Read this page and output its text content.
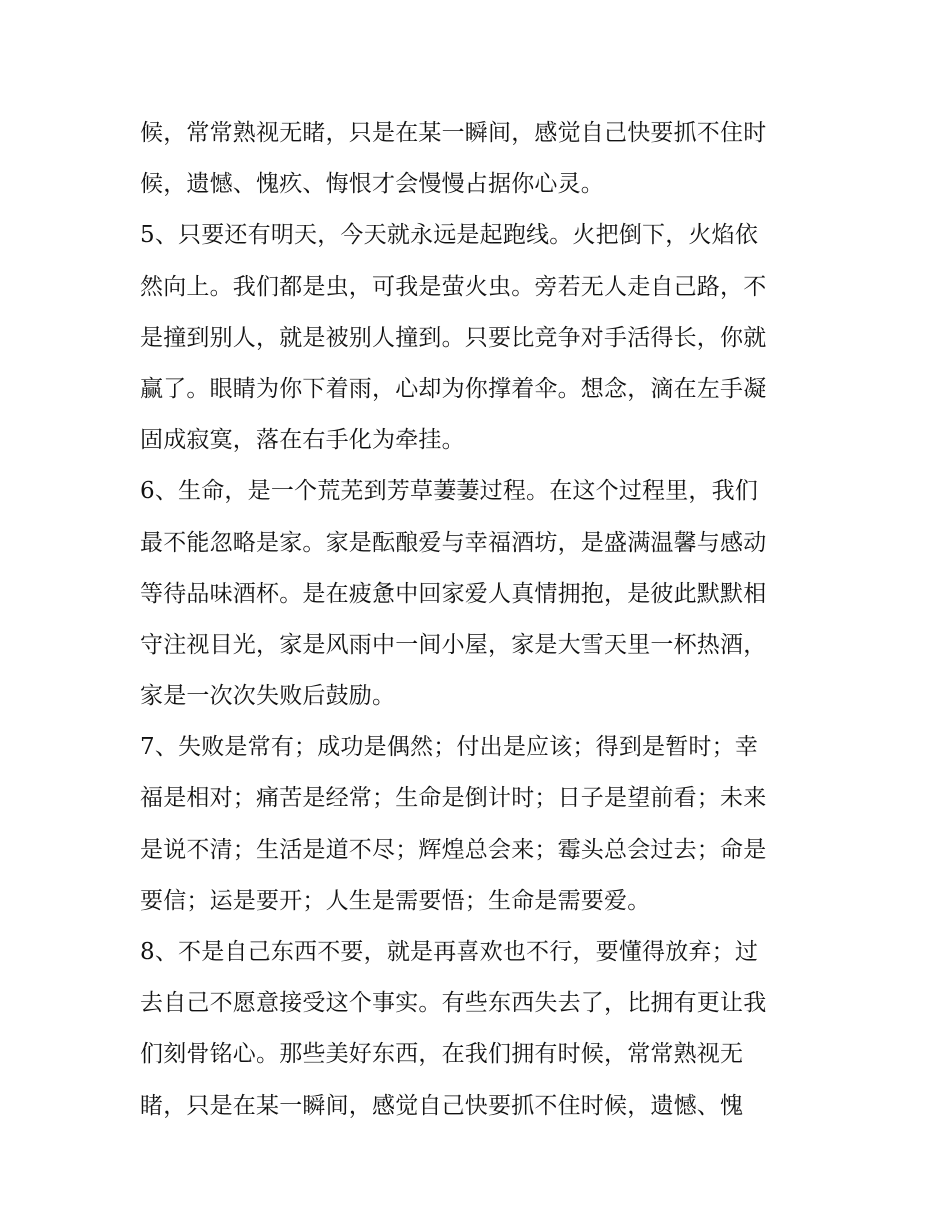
候，常常熟视无睹，只是在某一瞬间，感觉自己快要抓不住时
候，遗憾、愧疚、悔恨才会慢慢占据你心灵。
5、只要还有明天，今天就永远是起跑线。火把倒下，火焰依
然向上。我们都是虫，可我是萤火虫。旁若无人走自己路，不
是撞到别人，就是被别人撞到。只要比竞争对手活得长，你就
赢了。眼睛为你下着雨，心却为你撑着伞。想念，滴在左手凝
固成寂寞，落在右手化为牵挂。
6、生命，是一个荒芜到芳草萋萋过程。在这个过程里，我们
最不能忽略是家。家是酝酿爱与幸福酒坊，是盛满温馨与感动
等待品味酒杯。是在疲惫中回家爱人真情拥抱，是彼此默默相
守注视目光，家是风雨中一间小屋，家是大雪天里一杯热酒，
家是一次次失败后鼓励。
7、失败是常有；成功是偶然；付出是应该；得到是暂时；幸
福是相对；痛苦是经常；生命是倒计时；日子是望前看；未来
是说不清；生活是道不尽；辉煌总会来；霉头总会过去；命是
要信；运是要开；人生是需要悟；生命是需要爱。
8、不是自己东西不要，就是再喜欢也不行，要懂得放弃；过
去自己不愿意接受这个事实。有些东西失去了，比拥有更让我
们刻骨铭心。那些美好东西，在我们拥有时候，常常熟视无
睹，只是在某一瞬间，感觉自己快要抓不住时候，遗憾、愧
